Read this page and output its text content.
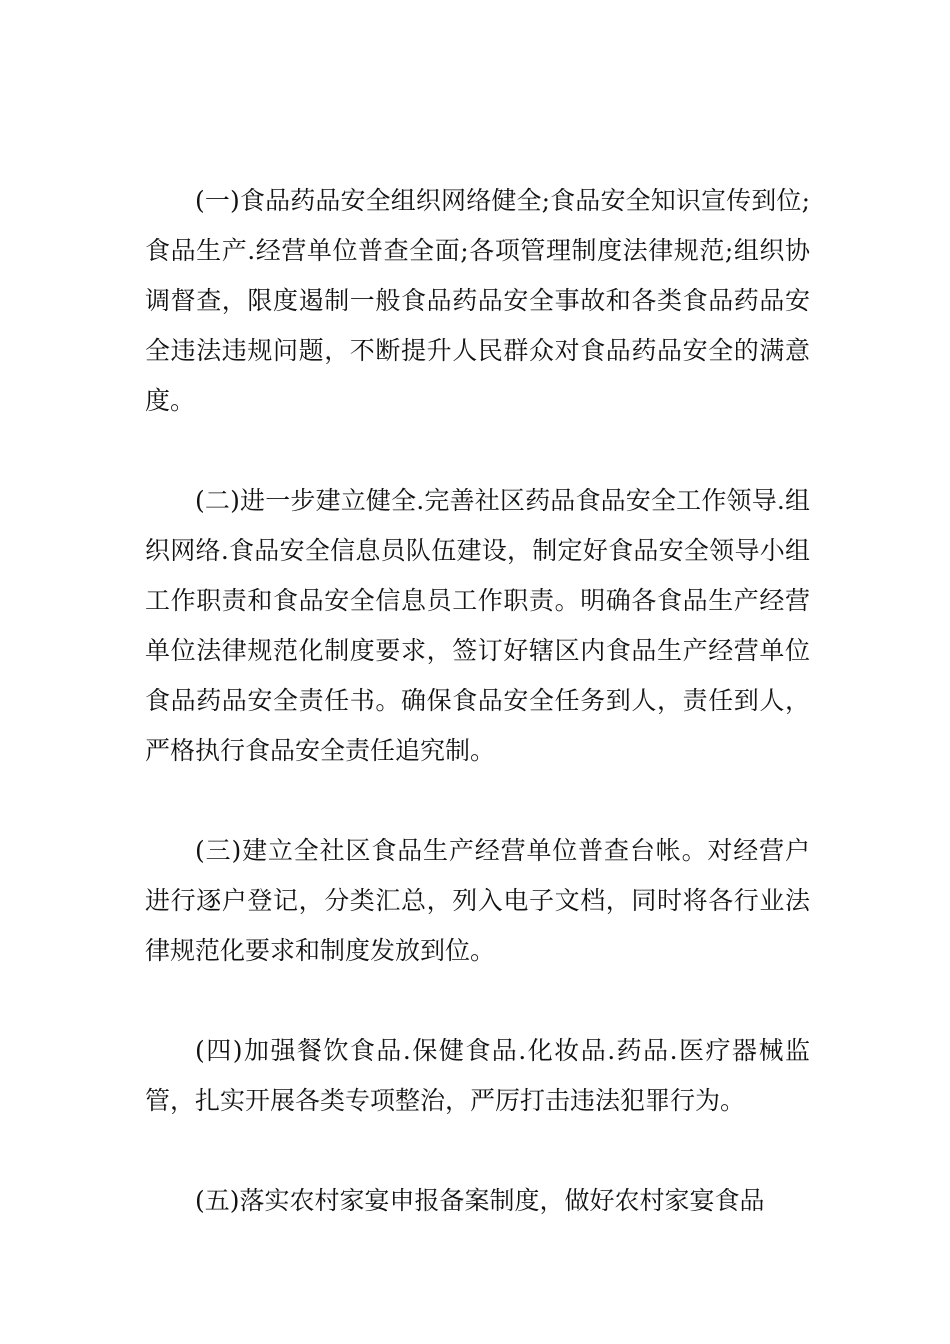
(一)食品药品安全组织网络健全;食品安全知识宣传到位;食品生产.经营单位普查全面;各项管理制度法律规范;组织协调督查，限度遏制一般食品药品安全事故和各类食品药品安全违法违规问题，不断提升人民群众对食品药品安全的满意度。

(二)进一步建立健全.完善社区药品食品安全工作领导.组织网络.食品安全信息员队伍建设，制定好食品安全领导小组工作职责和食品安全信息员工作职责。明确各食品生产经营单位法律规范化制度要求，签订好辖区内食品生产经营单位食品药品安全责任书。确保食品安全任务到人，责任到人，严格执行食品安全责任追究制。

(三)建立全社区食品生产经营单位普查台帐。对经营户进行逐户登记，分类汇总，列入电子文档，同时将各行业法律规范化要求和制度发放到位。

(四)加强餐饮食品.保健食品.化妆品.药品.医疗器械监管，扎实开展各类专项整治，严厉打击违法犯罪行为。

(五)落实农村家宴申报备案制度，做好农村家宴食品
